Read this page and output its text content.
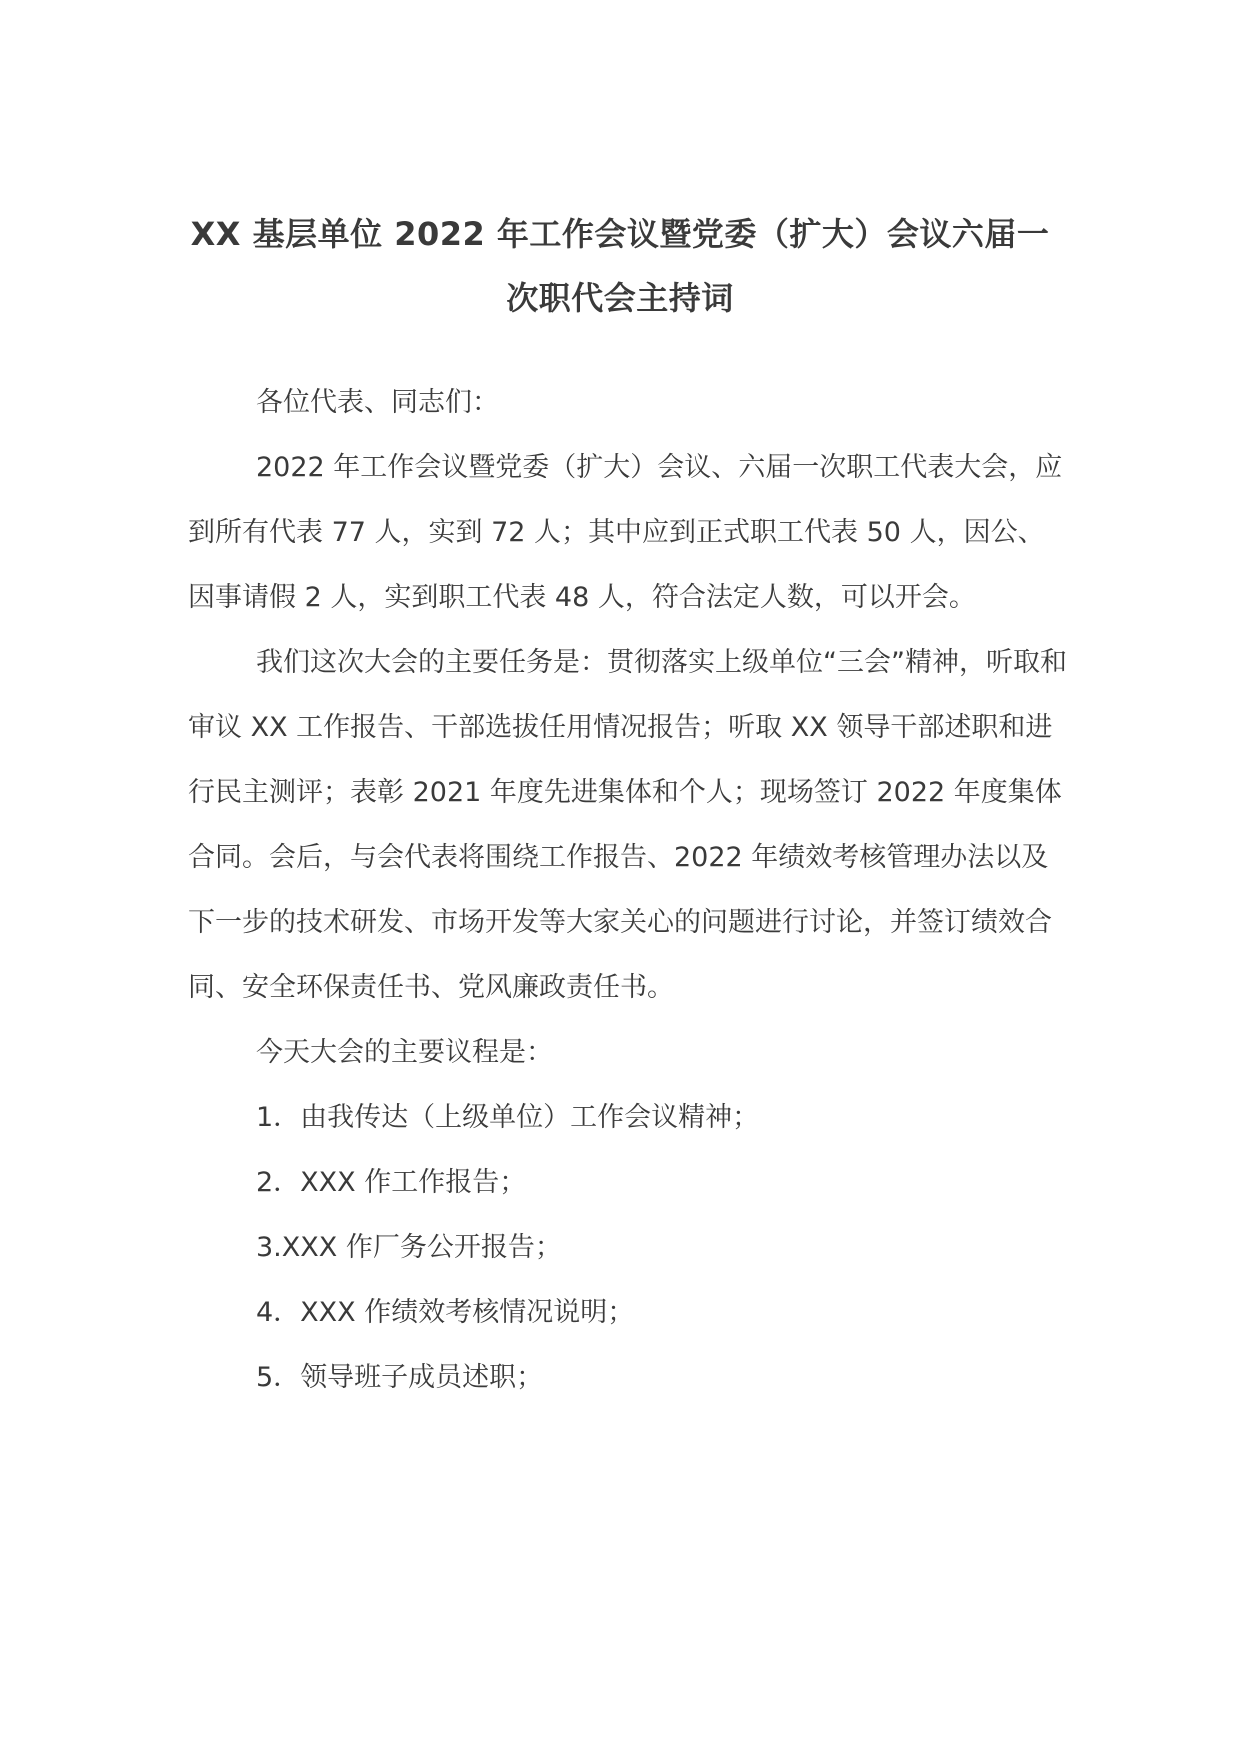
XX 基层单位 2022 年工作会议暨党委（扩大）会议六届一次职代会主持词

各位代表、同志们：

2022 年工作会议暨党委（扩大）会议、六届一次职工代表大会，应到所有代表 77 人，实到 72 人；其中应到正式职工代表 50 人，因公、因事请假 2 人，实到职工代表 48 人，符合法定人数，可以开会。

我们这次大会的主要任务是：贯彻落实上级单位“三会”精神，听取和审议 XX 工作报告、干部选拔任用情况报告；听取 XX 领导干部述职和进行民主测评；表彰 2021 年度先进集体和个人；现场签订 2022 年度集体合同。会后，与会代表将围绕工作报告、2022 年绩效考核管理办法以及下一步的技术研发、市场开发等大家关心的问题进行讨论，并签订绩效合同、安全环保责任书、党风廉政责任书。

今天大会的主要议程是：

1．由我传达（上级单位）工作会议精神；

2．XXX 作工作报告；

3.XXX 作厂务公开报告；

4．XXX 作绩效考核情况说明；

5．领导班子成员述职；
